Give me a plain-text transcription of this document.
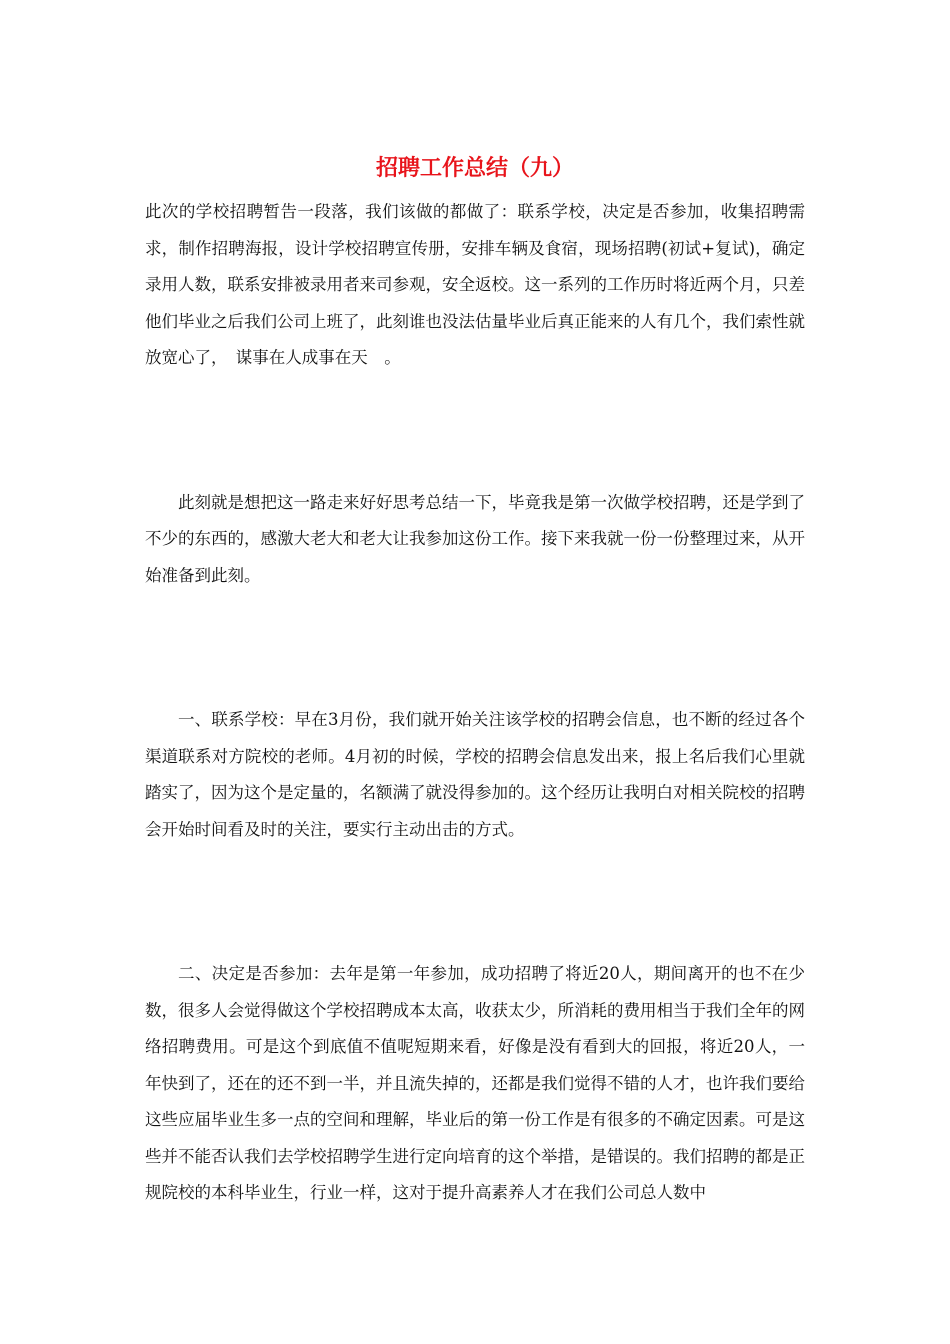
招聘工作总结（九）

此次的学校招聘暂告一段落，我们该做的都做了：联系学校，决定是否参加，收集招聘需求，制作招聘海报，设计学校招聘宣传册，安排车辆及食宿，现场招聘(初试+复试)，确定录用人数，联系安排被录用者来司参观，安全返校。这一系列的工作历时将近两个月，只差他们毕业之后我们公司上班了，此刻谁也没法估量毕业后真正能来的人有几个，我们索性就放宽心了，　谋事在人成事在天　。

此刻就是想把这一路走来好好思考总结一下，毕竟我是第一次做学校招聘，还是学到了不少的东西的，感激大老大和老大让我参加这份工作。接下来我就一份一份整理过来，从开始准备到此刻。

一、联系学校：早在3月份，我们就开始关注该学校的招聘会信息，也不断的经过各个渠道联系对方院校的老师。4月初的时候，学校的招聘会信息发出来，报上名后我们心里就踏实了，因为这个是定量的，名额满了就没得参加的。这个经历让我明白对相关院校的招聘会开始时间看及时的关注，要实行主动出击的方式。

二、决定是否参加：去年是第一年参加，成功招聘了将近20人，期间离开的也不在少数，很多人会觉得做这个学校招聘成本太高，收获太少，所消耗的费用相当于我们全年的网络招聘费用。可是这个到底值不值呢短期来看，好像是没有看到大的回报，将近20人，一年快到了，还在的还不到一半，并且流失掉的，还都是我们觉得不错的人才，也许我们要给这些应届毕业生多一点的空间和理解，毕业后的第一份工作是有很多的不确定因素。可是这些并不能否认我们去学校招聘学生进行定向培育的这个举措，是错误的。我们招聘的都是正规院校的本科毕业生，行业一样，这对于提升高素养人才在我们公司总人数中
